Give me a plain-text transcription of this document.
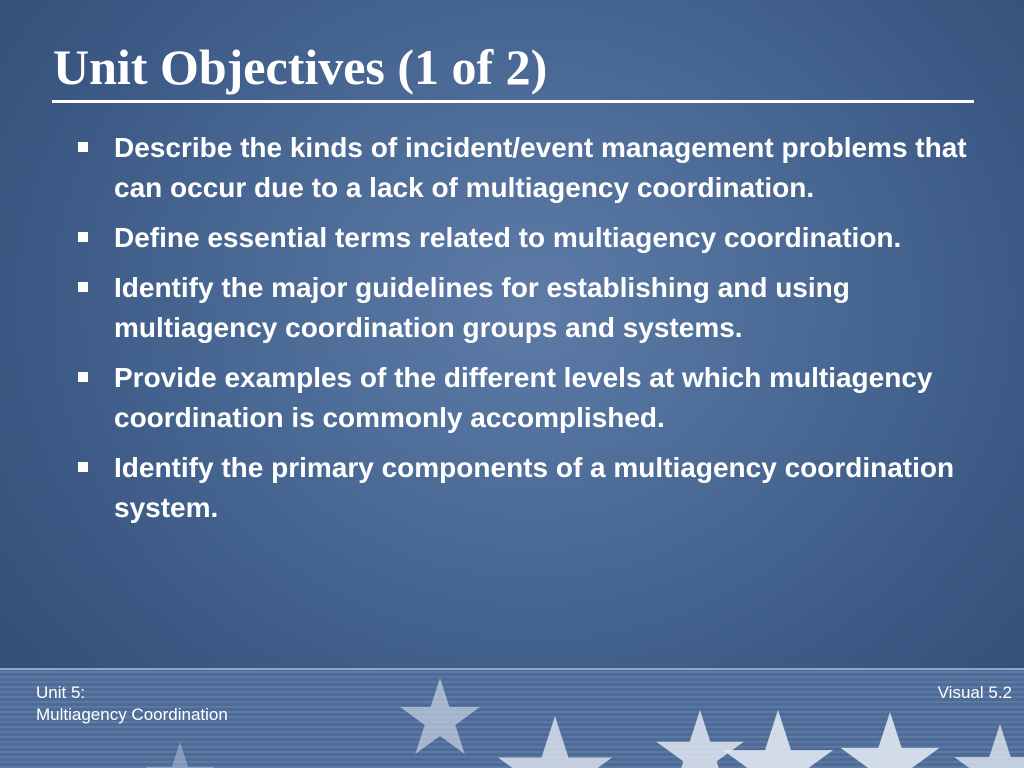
Unit Objectives (1 of 2)
Describe the kinds of incident/event management problems that can occur due to a lack of multiagency coordination.
Define essential terms related to multiagency coordination.
Identify the major guidelines for establishing and using multiagency coordination groups and systems.
Provide examples of the different levels at which multiagency coordination is commonly accomplished.
Identify the primary components of a multiagency coordination system.
Unit 5:
Multiagency Coordination
Visual 5.2
